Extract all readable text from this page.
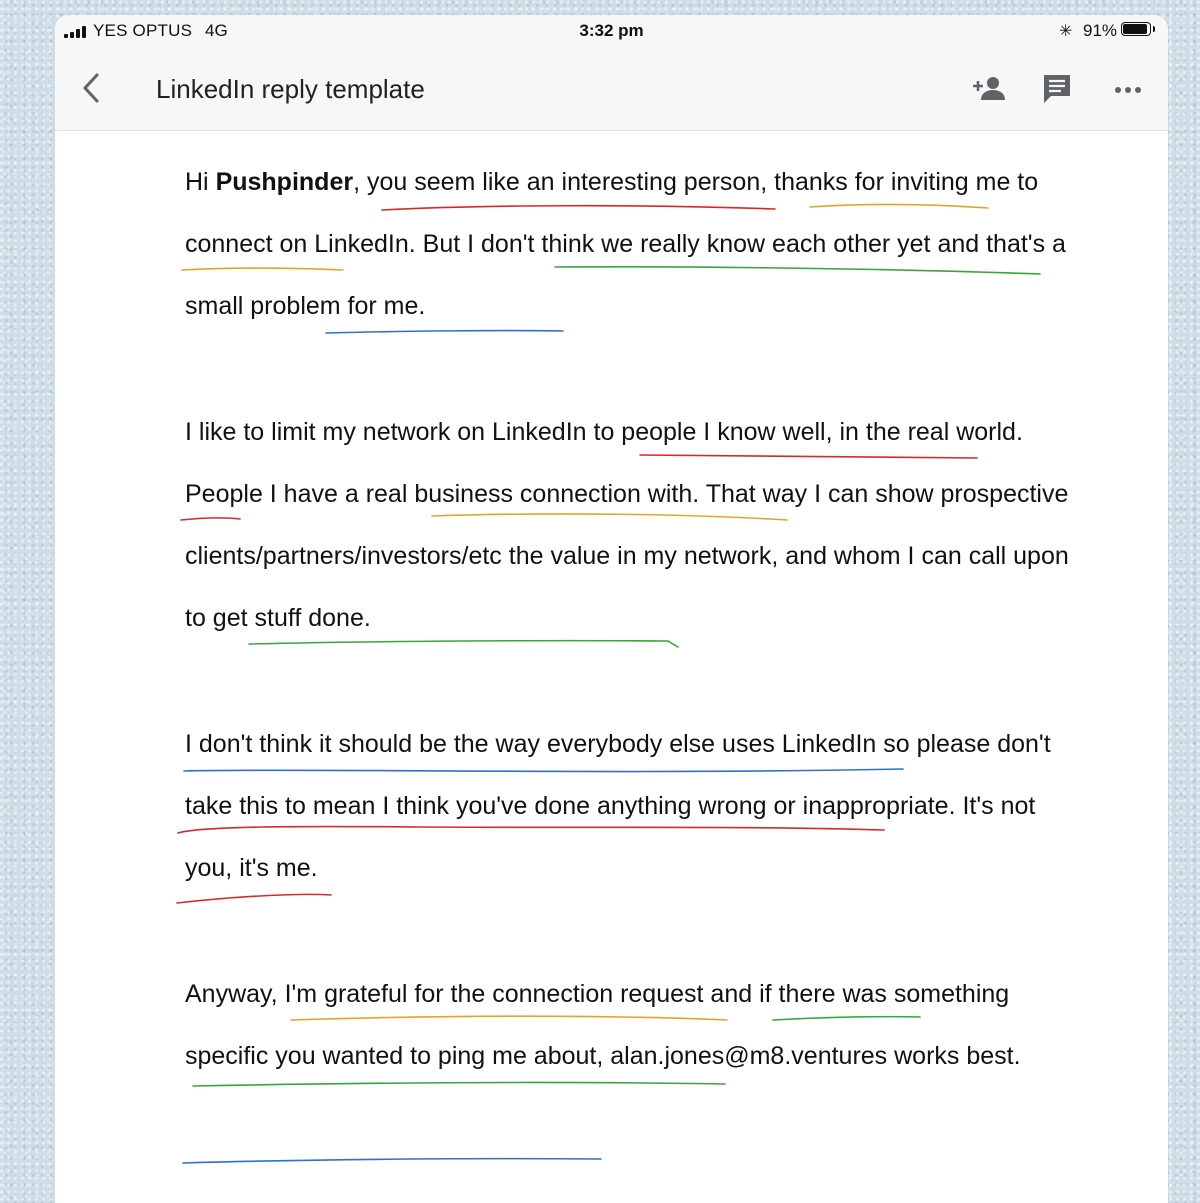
YES OPTUS 4G	3:32 pm	✳ 91%
LinkedIn reply template

Hi Pushpinder, you seem like an interesting person, thanks for inviting me to connect on LinkedIn. But I don't think we really know each other yet and that's a small problem for me.

I like to limit my network on LinkedIn to people I know well, in the real world. People I have a real business connection with. That way I can show prospective clients/partners/investors/etc the value in my network, and whom I can call upon to get stuff done.

I don't think it should be the way everybody else uses LinkedIn so please don't take this to mean I think you've done anything wrong or inappropriate. It's not you, it's me.

Anyway, I'm grateful for the connection request and if there was something specific you wanted to ping me about, alan.jones@m8.ventures works best.
